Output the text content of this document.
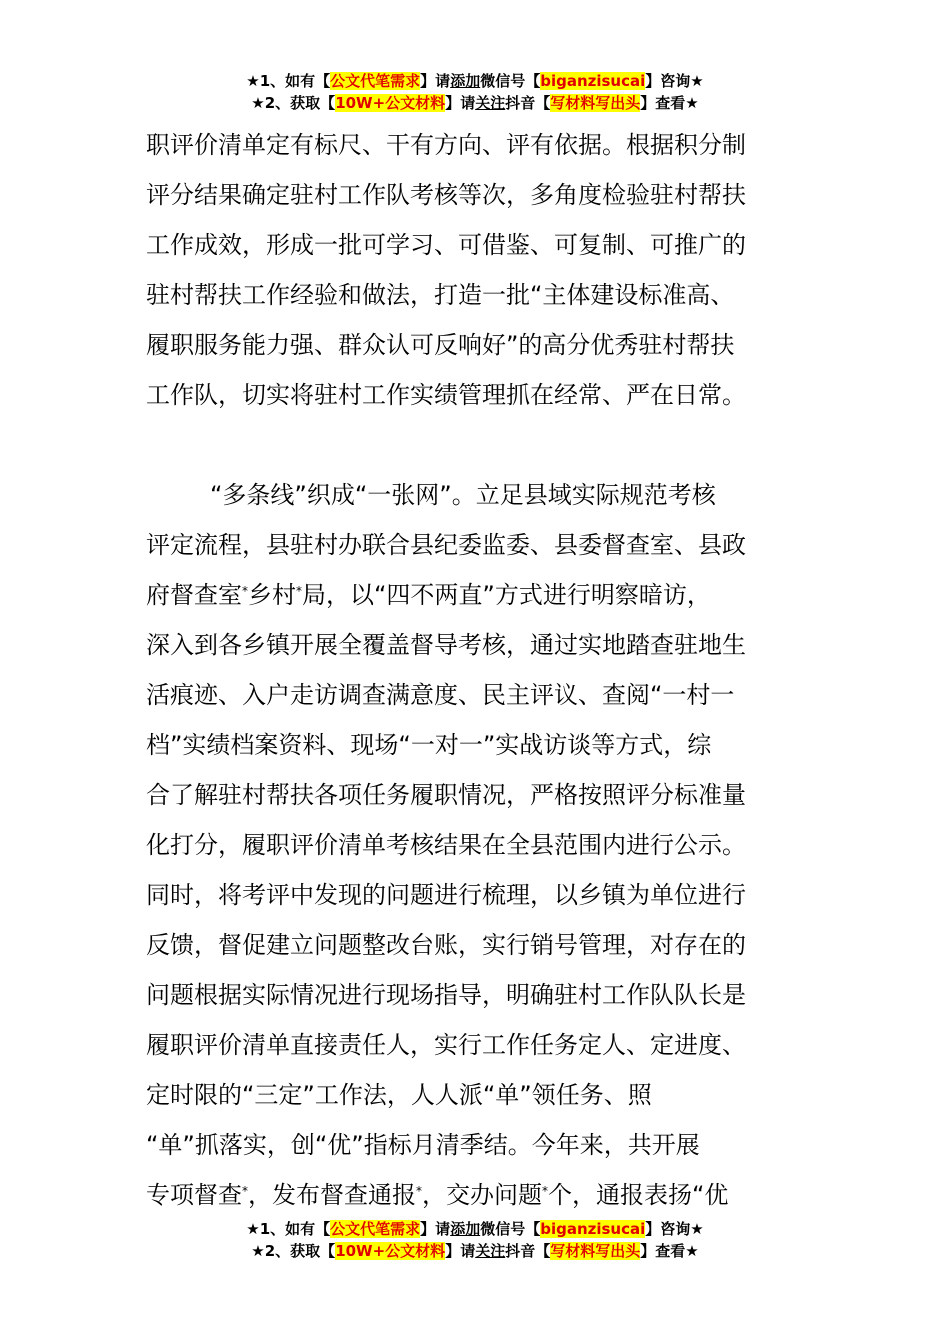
★1、如有【公文代笔需求】请添加微信号【biganzisucai】咨询★
★2、获取【10W+公文材料】请关注抖音【写材料写出头】查看★
职评价清单定有标尺、干有方向、评有依据。根据积分制
评分结果确定驻村工作队考核等次，多角度检验驻村帮扶
工作成效，形成一批可学习、可借鉴、可复制、可推广的
驻村帮扶工作经验和做法，打造一批“主体建设标准高、
履职服务能力强、群众认可反响好”的高分优秀驻村帮扶
工作队，切实将驻村工作实绩管理抓在经常、严在日常。
“多条线”织成“一张网”。立足县域实际规范考核
评定流程，县驻村办联合县纪委监委、县委督查室、县政
府督查室*乡村*局，以“四不两直”方式进行明察暗访，
深入到各乡镇开展全覆盖督导考核，通过实地踏查驻地生
活痕迹、入户走访调查满意度、民主评议、查阅“一村一
档”实绩档案资料、现场“一对一”实战访谈等方式，综
合了解驻村帮扶各项任务履职情况，严格按照评分标准量
化打分，履职评价清单考核结果在全县范围内进行公示。
同时，将考评中发现的问题进行梳理，以乡镇为单位进行
反馈，督促建立问题整改台账，实行销号管理，对存在的
问题根据实际情况进行现场指导，明确驻村工作队队长是
履职评价清单直接责任人，实行工作任务定人、定进度、
定时限的“三定”工作法，人人派“单”领任务、照
“单”抓落实，创“优”指标月清季结。今年来，共开展
专项督查*，发布督查通报*，交办问题*个，通报表扬“优
★1、如有【公文代笔需求】请添加微信号【biganzisucai】咨询★
★2、获取【10W+公文材料】请关注抖音【写材料写出头】查看★
